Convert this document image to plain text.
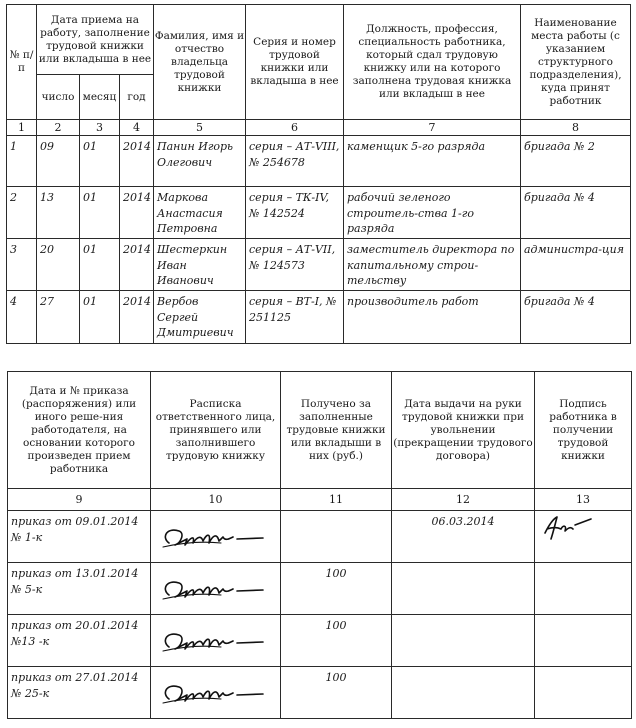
№ п/п	Дата приема на работу, заполнение трудовой книжки или вкладыша в нее			Фамилия, имя и отчество владельца трудовой книжки	Серия и номер трудовой книжки или вкладыша в нее	Должность, профессия, специальность работника, который сдал трудовую книжку или на которого заполнена трудовая книжка или вкладыш в нее	Наименование места работы (с указанием структурного подразделения), куда принят работник
	число	месяц	год				
1	2	3	4	5	6	7	8
1	09	01	2014	Панин Игорь Олегович	серия – АТ-VIII, № 254678	каменщик 5-го разряда	бригада № 2
2	13	01	2014	Маркова Анастасия Петровна	серия – ТК-IV, № 142524	рабочий зеленого строитель-ства 1-го разряда	бригада № 4
3	20	01	2014	Шестеркин Иван Иванович	серия – АТ-VII, № 124573	заместитель директора по капитальному строи-тельству	администра-ция
4	27	01	2014	Вербов Сергей Дмитриевич	серия – ВТ-I, № 251125	производитель работ	бригада № 4
Дата и № приказа (распоряжения) или иного реше-ния работодателя, на основании которого произведен прием работника	Расписка ответственного лица, принявшего или заполнившего трудовую книжку	Получено за заполненные трудовые книжки или вкладыши в них (руб.)	Дата выдачи на руки трудовой книжки при увольнении (прекращении трудового договора)	Подпись работника в получении трудовой книжки
9	10	11	12	13
приказ от 09.01.2014 № 1-к			06.03.2014	

приказ от 13.01.2014 № 5-к		100		
приказ от 20.01.2014 №13 -к		100		
приказ от 27.01.2014 № 25-к		100		
